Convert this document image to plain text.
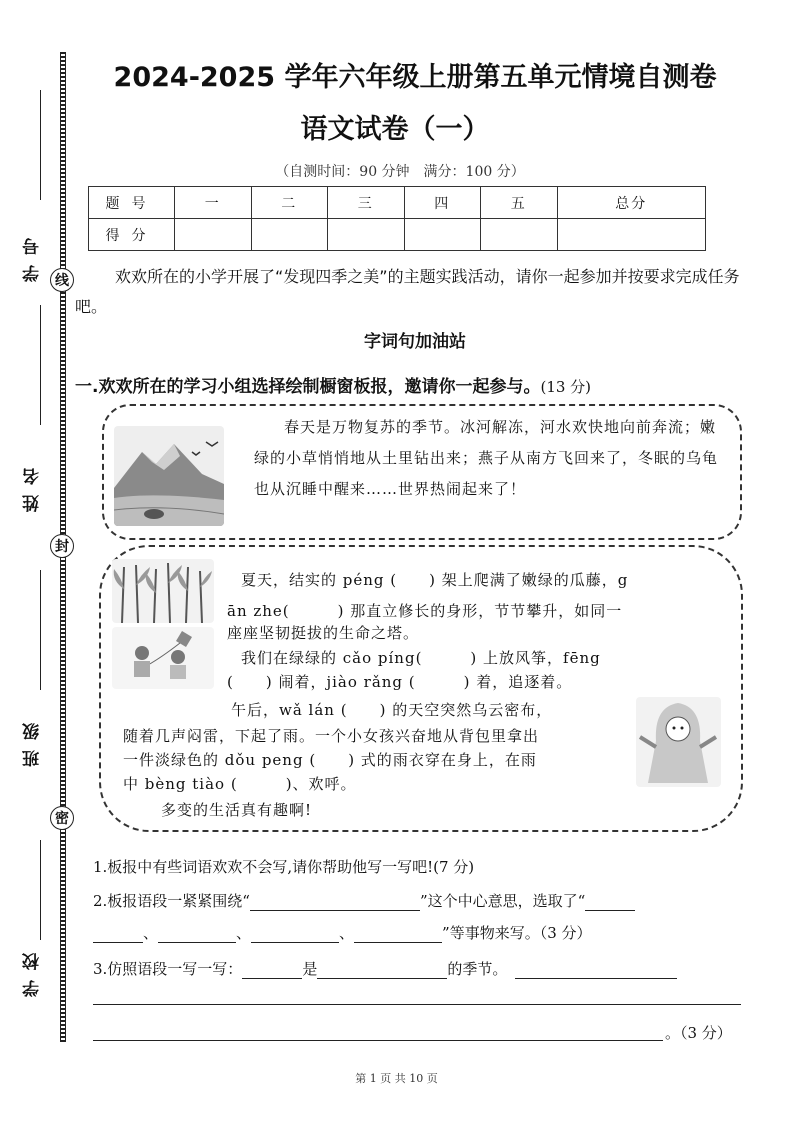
学号 线
姓名
封
班级
密
学校
2024-2025 学年六年级上册第五单元情境自测卷
语文试卷（一）
（自测时间：90 分钟　满分：100 分）
题号	一	二	三	四	五	总分
得分						
欢欢所在的小学开展了“发现四季之美”的主题实践活动，请你一起参加并按要求完成任务吧。
字词句加油站
一.欢欢所在的学习小组选择绘制橱窗板报，邀请你一起参与。(13 分)
春天是万物复苏的季节。冰河解冻，河水欢快地向前奔流；嫩绿的小草悄悄地从土里钻出来；燕子从南方飞回来了，冬眠的乌龟也从沉睡中醒来……世界热闹起来了！
夏天，结实的 péng (　　) 架上爬满了嫩绿的瓜藤，g
ān zhe(　　　) 那直立修长的身形，节节攀升，如同一
座座坚韧挺拔的生命之塔。
我们在绿绿的 cǎo píng(　　　) 上放风筝，fēng
(　　) 闹着，jiào rǎng (　　　) 着，追逐着。
午后，wǎ lán (　　) 的天空突然乌云密布，
随着几声闷雷，下起了雨。一个小女孩兴奋地从背包里拿出
一件淡绿色的 dǒu peng (　　) 式的雨衣穿在身上，在雨
中 bèng tiào (　　　)、欢呼。
多变的生活真有趣啊!
1.板报中有些词语欢欢不会写,请你帮助他写一写吧!(7 分)
2.板报语段一紧紧围绕“	”这个中心意思，选取了“
、	、	、	”等事物来写。（3 分）
3.仿照语段一写一写：	是	的季节。　
。（3 分）
第 1 页 共 10 页
